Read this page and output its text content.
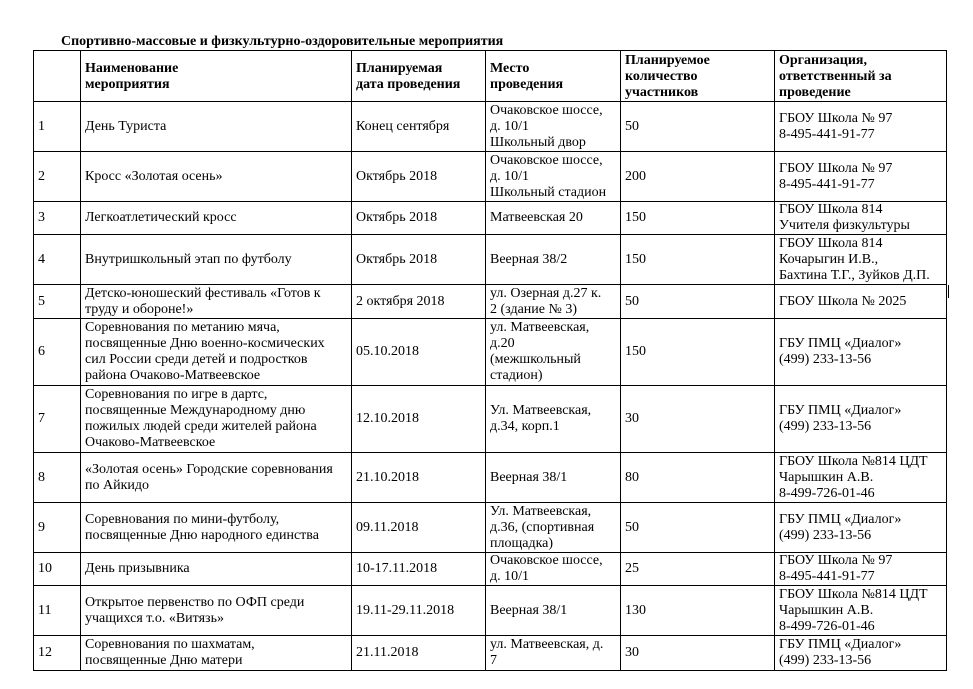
Спортивно-массовые и физкультурно-оздоровительные мероприятия

	Наименование
мероприятия	Планируемая
дата проведения	Место
проведения	Планируемое
количество
участников	Организация,
ответственный за
проведение

1	День Туриста	Конец сентября	Очаковское шоссе,
д. 10/1
Школьный двор	50	ГБОУ Школа № 97
8-495-441-91-77

2	Кросс «Золотая осень»	Октябрь 2018	Очаковское шоссе,
д. 10/1
Школьный стадион	200	ГБОУ Школа № 97
8-495-441-91-77

3	Легкоатлетический кросс	Октябрь 2018	Матвеевская 20	150	ГБОУ Школа 814
Учителя физкультуры

4	Внутришкольный этап по футболу	Октябрь 2018	Веерная 38/2	150	ГБОУ Школа 814
Кочарыгин И.В.,
Бахтина Т.Г., Зуйков Д.П.

5	Детско-юношеский фестиваль «Готов к
труду и обороне!»	2 октября 2018	ул. Озерная д.27 к.
2 (здание № 3)	50	ГБОУ Школа № 2025

6	Соревнования по метанию мяча,
посвященные Дню военно-космических
сил России среди детей и подростков
района Очаково-Матвеевское	05.10.2018	ул. Матвеевская,
д.20
(межшкольный
стадион)	150	ГБУ ПМЦ «Диалог»
(499) 233-13-56

7	Соревнования по игре в дартс,
посвященные Международному дню
пожилых людей среди жителей района
Очаково-Матвеевское	12.10.2018	Ул. Матвеевская,
д.34, корп.1	30	ГБУ ПМЦ «Диалог»
(499) 233-13-56

8	«Золотая осень» Городские соревнования
по Айкидо	21.10.2018	Веерная 38/1	80	ГБОУ Школа №814 ЦДТ
Чарышкин А.В.
8-499-726-01-46

9	Соревнования по мини-футболу,
посвященные Дню народного единства	09.11.2018	Ул. Матвеевская,
д.36, (спортивная
площадка)	50	ГБУ ПМЦ «Диалог»
(499) 233-13-56

10	День призывника	10-17.11.2018	Очаковское шоссе,
д. 10/1	25	ГБОУ Школа № 97
8-495-441-91-77

11	Открытое первенство по ОФП среди
учащихся т.о. «Витязь»	19.11-29.11.2018	Веерная 38/1	130	ГБОУ Школа №814 ЦДТ
Чарышкин А.В.
8-499-726-01-46

12	Соревнования по шахматам,
посвященные Дню матери	21.11.2018	ул. Матвеевская, д.
7	30	ГБУ ПМЦ «Диалог»
(499) 233-13-56
